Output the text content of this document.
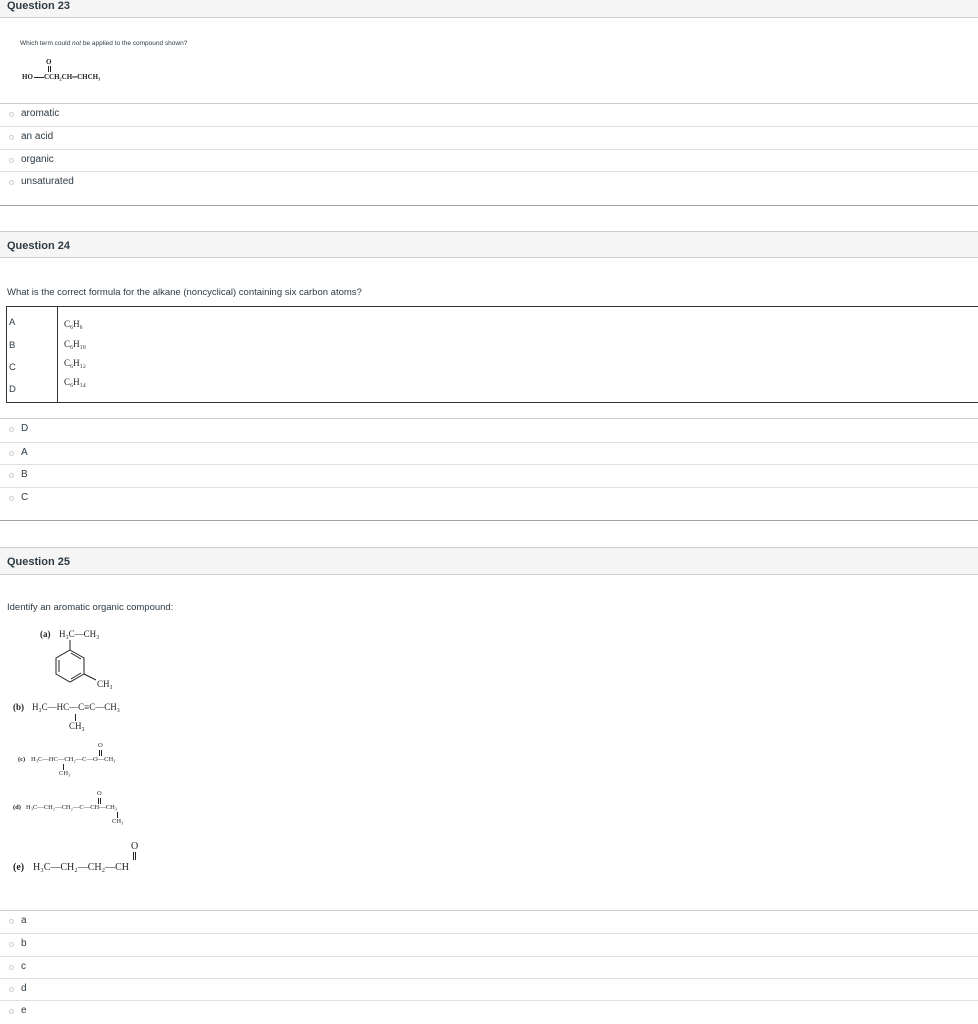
Question 23
Which term could not be applied to the compound shown?
O
HO CCH₂CH═CHCH₃
aromatic
an acid
organic
unsaturated
Question 24
What is the correct formula for the alkane (noncyclical) containing six carbon atoms?
A
B
C
D
C₆H₆
C₆H₁₀
C₆H₁₂
C₆H₁₄
D
A
B
C
Question 25
Identify an aromatic organic compound:
(a) H₃C—CH₃
CH₃
(b) H₃C—HC—C≡C—CH₃
CH₃
O
(c) H₃C—HC—CH₂—C—O—CH₃
CH₃
O
(d) H₃C—CH₂—CH₂—C—CH—CH₃
CH₃
O
(e) H₃C—CH₂—CH₂—CH
a
b
c
d
e
